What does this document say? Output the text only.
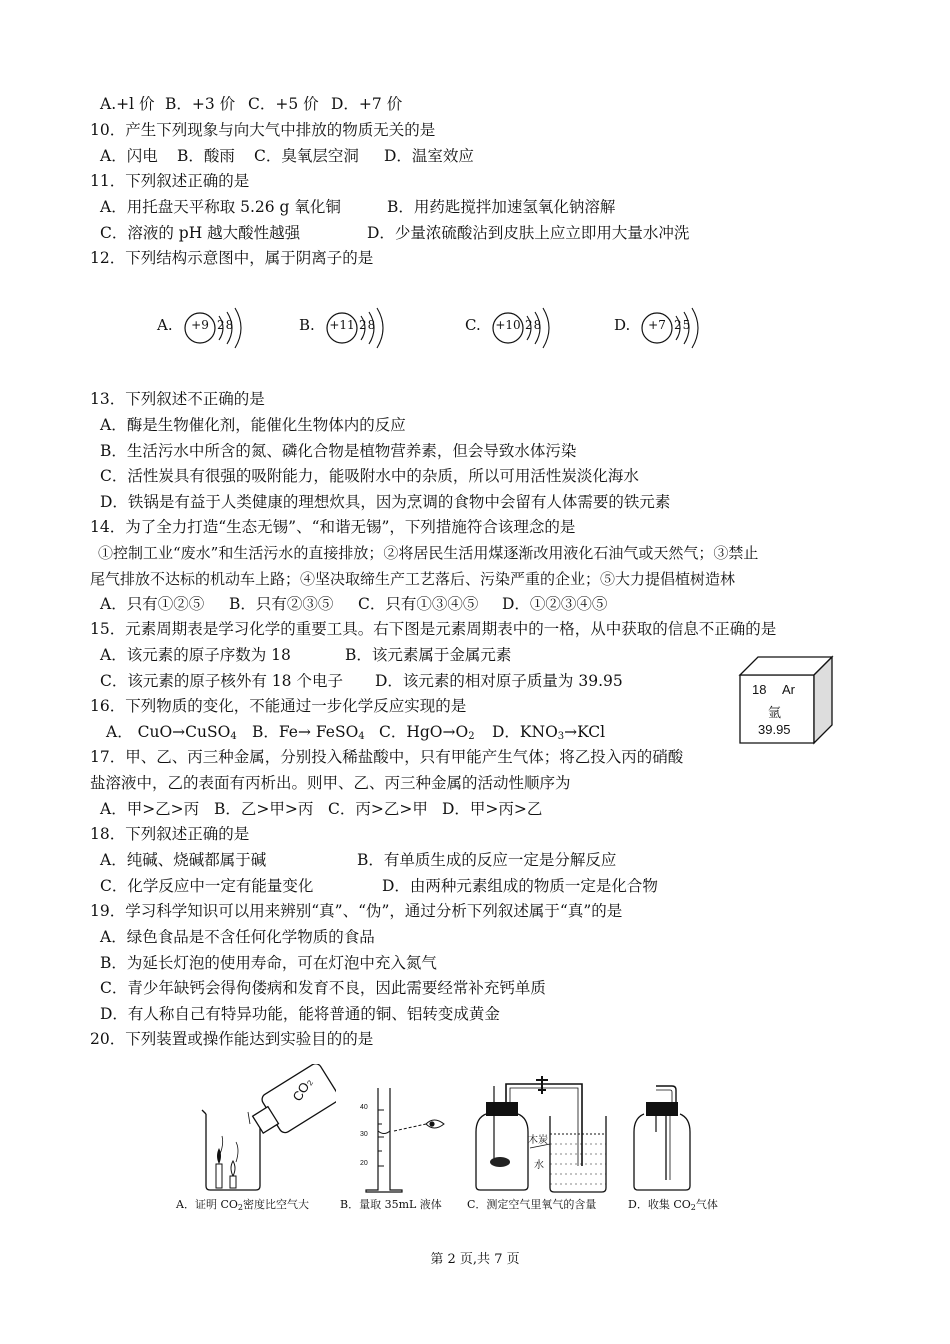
A.+l 价 B．+3 价 C．+5 价 D．+7 价
10．产生下列现象与向大气中排放的物质无关的是
A．闪电 B．酸雨 C．臭氧层空洞 D．温室效应
11．下列叙述正确的是
A．用托盘天平称取 5.26 g 氧化铜	B．用药匙搅拌加速氢氧化钠溶解
C．溶液的 pH 越大酸性越强	D．少量浓硫酸沾到皮肤上应立即用大量水冲洗
12．下列结构示意图中，属于阴离子的是
A.	+9 28	B. +11 28	C. +10 28	D.	+7 25
13．下列叙述不正确的是
A．酶是生物催化剂，能催化生物体内的反应
B．生活污水中所含的氮、磷化合物是植物营养素，但会导致水体污染
C．活性炭具有很强的吸附能力，能吸附水中的杂质，所以可用活性炭淡化海水
D．铁锅是有益于人类健康的理想炊具，因为烹调的食物中会留有人体需要的铁元素
14．为了全力打造“生态无锡”、“和谐无锡”，下列措施符合该理念的是
①控制工业“废水”和生活污水的直接排放；②将居民生活用煤逐渐改用液化石油气或天然气；③禁止
尾气排放不达标的机动车上路；④坚决取缔生产工艺落后、污染严重的企业；⑤大力提倡植树造林
A．只有①②⑤ B．只有②③⑤ C．只有①③④⑤ D．①②③④⑤
15．元素周期表是学习化学的重要工具。右下图是元素周期表中的一格，从中获取的信息不正确的是
A．该元素的原子序数为 18	B．该元素属于金属元素
C．该元素的原子核外有 18 个电子 D．该元素的相对原子质量为 39.95	18 Ar
氩
39.95
16．下列物质的变化，不能通过一步化学反应实现的是
A． CuO→CuSO$_4$ B．Fe→ FeSO$_4$ C．$HgO\to O_2$ D．$KNO_3\to KCl$
17．甲、乙、丙三种金属，分别投入稀盐酸中，只有甲能产生气体；将乙投入丙的硝酸
盐溶液中，乙的表面有丙析出。则甲、乙、丙三种金属的活动性顺序为
A．甲>乙>丙 B．乙>甲>丙 C．丙>乙>甲 D．甲>丙>乙
18．下列叙述正确的是
A．纯碱、烧碱都属于碱	B．有单质生成的反应一定是分解反应
C．化学反应中一定有能量变化	D．由两种元素组成的物质一定是化合物
19．学习科学知识可以用来辨别“真”、“伪”，通过分析下列叙述属于“真”的是
A．绿色食品是不含任何化学物质的食品
B．为延长灯泡的使用寿命，可在灯泡中充入氮气
C．青少年缺钙会得佝偻病和发育不良，因此需要经常补充钙单质
D．有人称自己有特异功能，能将普通的铜、铝转变成黄金
20．下列装置或操作能达到实验目的的是
CO₂
40
30
20
木炭
水
A．证明 $CO_2$密度比空气大	B．量取 35mL 液体 C．测定空气里氧气的含量	D．收集 $CO_2$气体
第 2 页,共 7 页
